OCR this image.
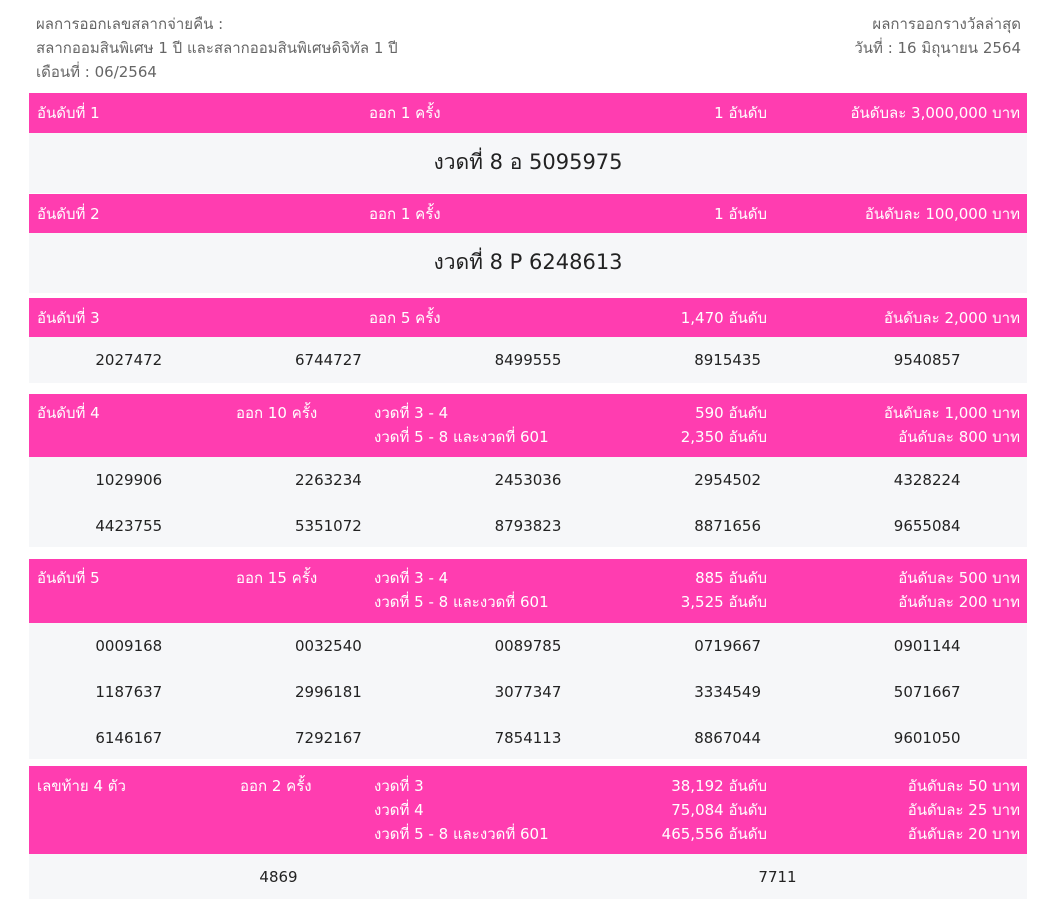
ผลการออกเลขสลากจ่ายคืน :
สลากออมสินพิเศษ 1 ปี และสลากออมสินพิเศษดิจิทัล 1 ปี
เดือนที่ : 06/2564
ผลการออกรางวัลล่าสุด
วันที่ : 16 มิถุนายน 2564
อันดับที่ 1	ออก 1 ครั้ง	1 อันดับ	อันดับละ 3,000,000 บาท
งวดที่ 8 อ 5095975
อันดับที่ 2	ออก 1 ครั้ง	1 อันดับ	อันดับละ 100,000 บาท
งวดที่ 8 P 6248613
อันดับที่ 3	ออก 5 ครั้ง	1,470 อันดับ	อันดับละ 2,000 บาท
2027472	6744727	8499555	8915435	9540857
อันดับที่ 4	ออก 10 ครั้ง	งวดที่ 3 - 4	590 อันดับ	อันดับละ 1,000 บาท
งวดที่ 5 - 8 และงวดที่ 601	2,350 อันดับ	อันดับละ 800 บาท
1029906	2263234	2453036	2954502	4328224
4423755	5351072	8793823	8871656	9655084
อันดับที่ 5	ออก 15 ครั้ง	งวดที่ 3 - 4	885 อันดับ	อันดับละ 500 บาท
งวดที่ 5 - 8 และงวดที่ 601	3,525 อันดับ	อันดับละ 200 บาท
0009168	0032540	0089785	0719667	0901144
1187637	2996181	3077347	3334549	5071667
6146167	7292167	7854113	8867044	9601050
เลขท้าย 4 ตัว	ออก 2 ครั้ง	งวดที่ 3	38,192 อันดับ	อันดับละ 50 บาท
งวดที่ 4	75,084 อันดับ	อันดับละ 25 บาท
งวดที่ 5 - 8 และงวดที่ 601	465,556 อันดับ	อันดับละ 20 บาท
4869	7711
